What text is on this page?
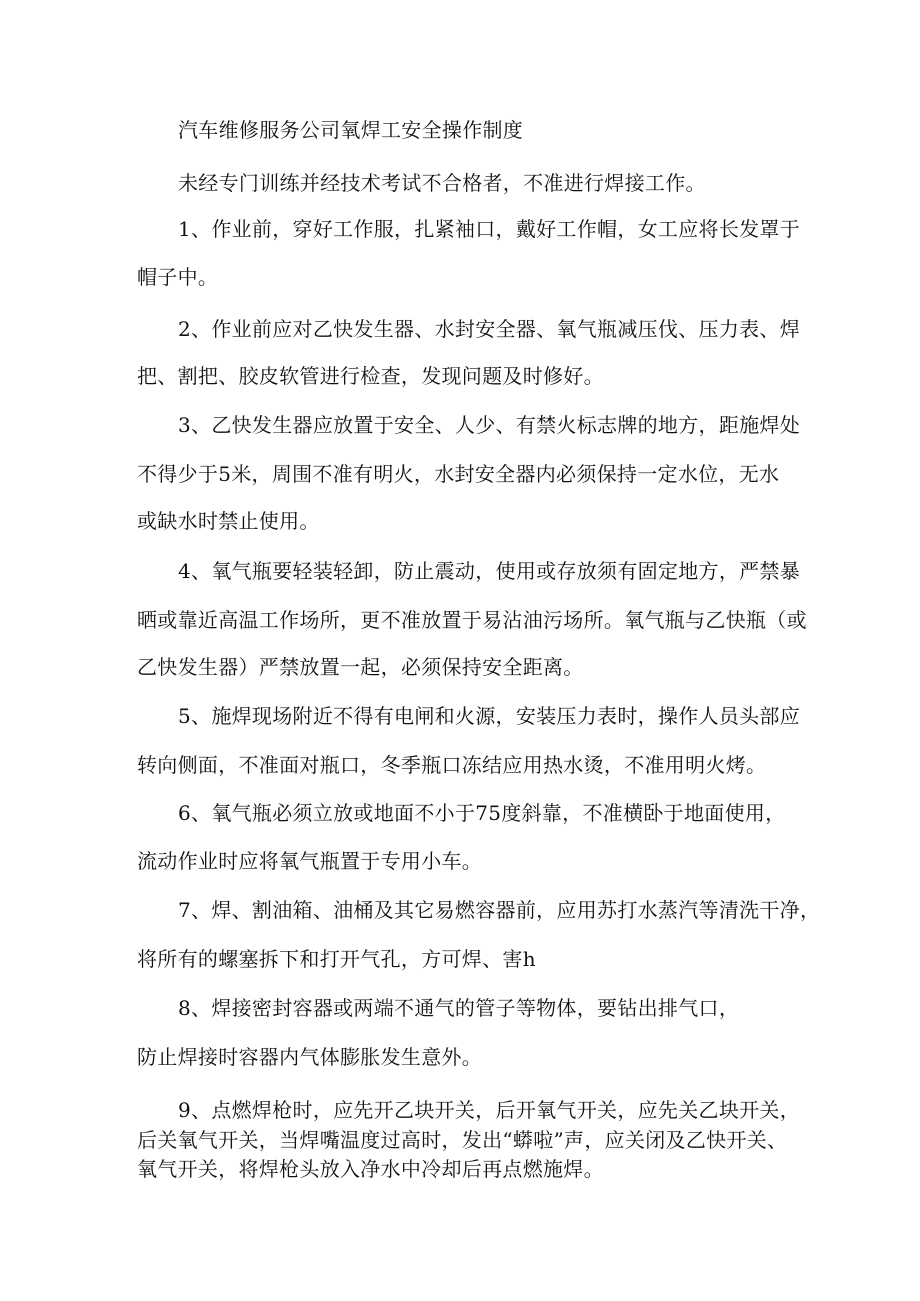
汽车维修服务公司氧焊工安全操作制度
未经专门训练并经技术考试不合格者，不准进行焊接工作。
1、作业前，穿好工作服，扎紧袖口，戴好工作帽，女工应将长发罩于
帽子中。
2、作业前应对乙快发生器、水封安全器、氧气瓶减压伐、压力表、焊
把、割把、胶皮软管进行检查，发现问题及时修好。
3、乙快发生器应放置于安全、人少、有禁火标志牌的地方，距施焊处
不得少于5米，周围不准有明火，水封安全器内必须保持一定水位，无水
或缺水时禁止使用。
4、氧气瓶要轻装轻卸，防止震动，使用或存放须有固定地方，严禁暴
晒或靠近高温工作场所，更不准放置于易沾油污场所。氧气瓶与乙快瓶（或
乙快发生器）严禁放置一起，必须保持安全距离。
5、施焊现场附近不得有电闸和火源，安装压力表时，操作人员头部应
转向侧面，不准面对瓶口，冬季瓶口冻结应用热水烫，不准用明火烤。
6、氧气瓶必须立放或地面不小于75度斜靠，不准横卧于地面使用，
流动作业时应将氧气瓶置于专用小车。
7、焊、割油箱、油桶及其它易燃容器前，应用苏打水蒸汽等清洗干净，
将所有的螺塞拆下和打开气孔，方可焊、害h
8、焊接密封容器或两端不通气的管子等物体，要钻出排气口，
防止焊接时容器内气体膨胀发生意外。
9、点燃焊枪时，应先开乙块开关，后开氧气开关，应先关乙块开关，
后关氧气开关，当焊嘴温度过高时，发出“蟒啦”声，应关闭及乙快开关、
氧气开关，将焊枪头放入净水中冷却后再点燃施焊。
